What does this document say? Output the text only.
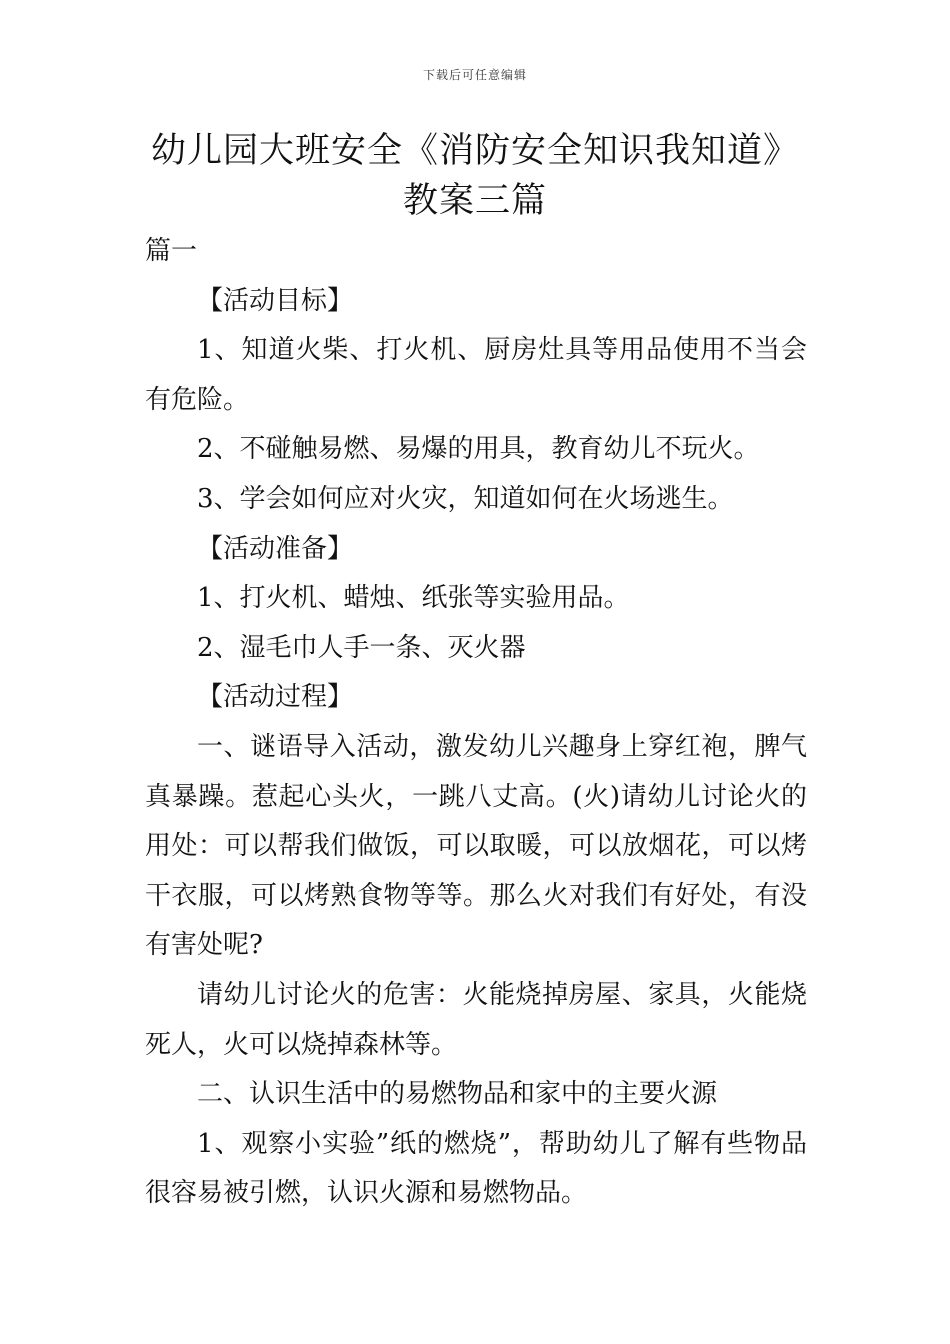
下载后可任意编辑
幼儿园大班安全《消防安全知识我知道》
教案三篇

篇一

【活动目标】

1、知道火柴、打火机、厨房灶具等用品使用不当会有危险。

2、不碰触易燃、易爆的用具，教育幼儿不玩火。

3、学会如何应对火灾，知道如何在火场逃生。

【活动准备】

1、打火机、蜡烛、纸张等实验用品。

2、湿毛巾人手一条、灭火器

【活动过程】

一、谜语导入活动，激发幼儿兴趣身上穿红袍，脾气真暴躁。惹起心头火，一跳八丈高。(火)请幼儿讨论火的用处：可以帮我们做饭，可以取暖，可以放烟花，可以烤干衣服，可以烤熟食物等等。那么火对我们有好处，有没有害处呢?

请幼儿讨论火的危害：火能烧掉房屋、家具，火能烧死人，火可以烧掉森林等。

二、认识生活中的易燃物品和家中的主要火源

1、观察小实验”纸的燃烧”，帮助幼儿了解有些物品很容易被引燃，认识火源和易燃物品。
